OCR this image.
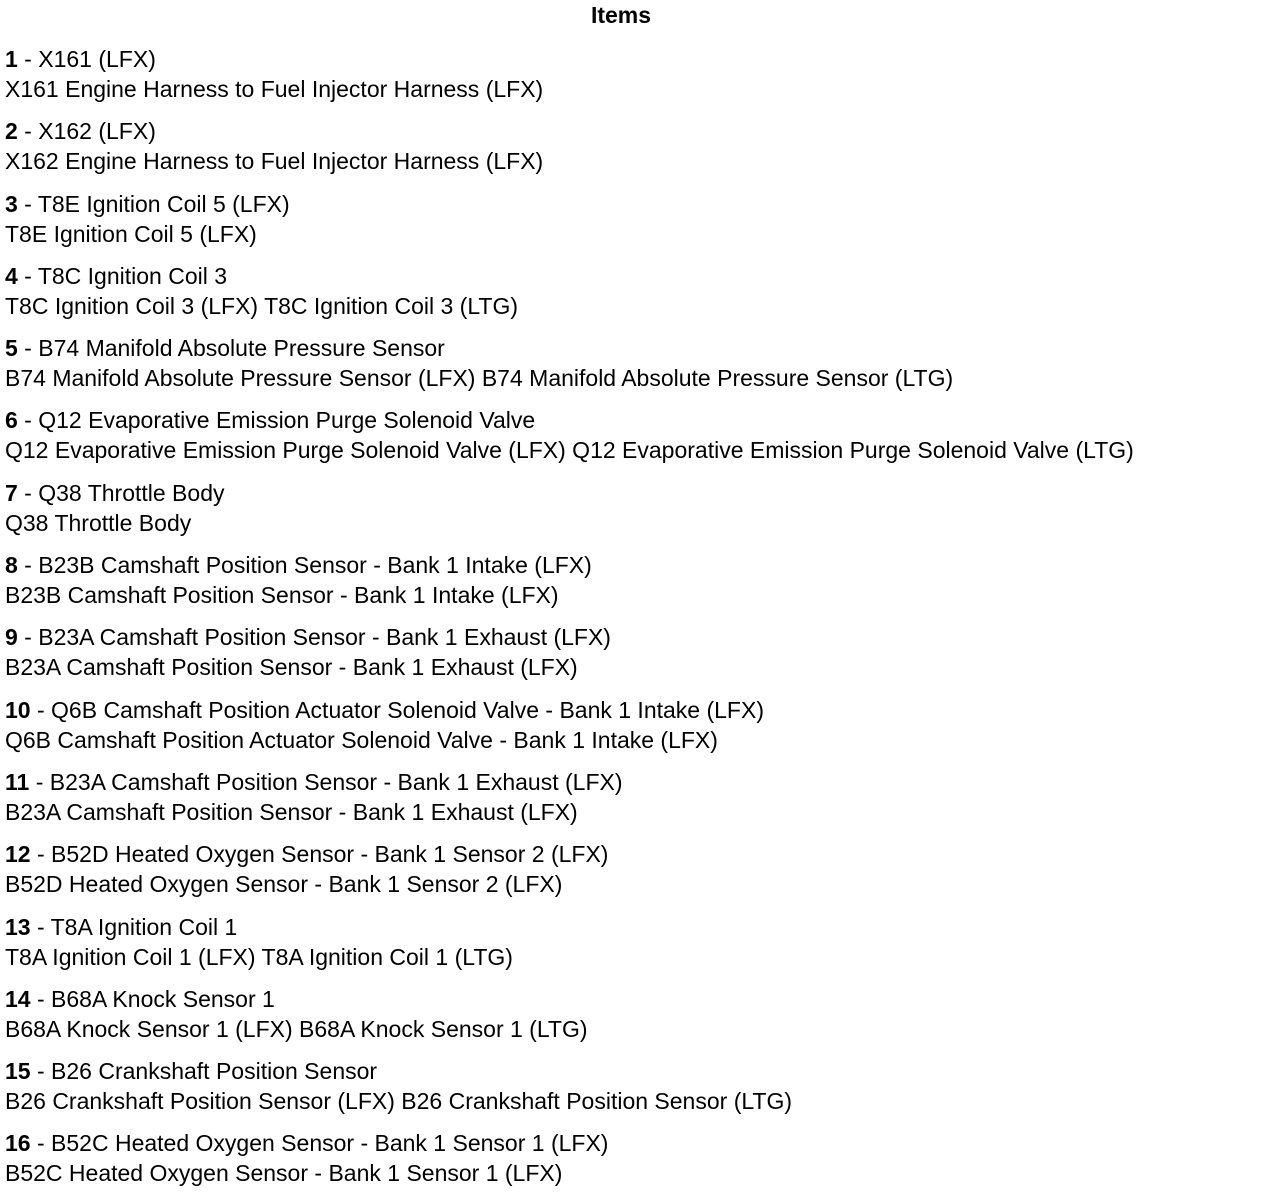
Items
1 - X161 (LFX)
X161 Engine Harness to Fuel Injector Harness (LFX)
2 - X162 (LFX)
X162 Engine Harness to Fuel Injector Harness (LFX)
3 - T8E Ignition Coil 5 (LFX)
T8E Ignition Coil 5 (LFX)
4 - T8C Ignition Coil 3
T8C Ignition Coil 3 (LFX) T8C Ignition Coil 3 (LTG)
5 - B74 Manifold Absolute Pressure Sensor
B74 Manifold Absolute Pressure Sensor (LFX) B74 Manifold Absolute Pressure Sensor (LTG)
6 - Q12 Evaporative Emission Purge Solenoid Valve
Q12 Evaporative Emission Purge Solenoid Valve (LFX) Q12 Evaporative Emission Purge Solenoid Valve (LTG)
7 - Q38 Throttle Body
Q38 Throttle Body
8 - B23B Camshaft Position Sensor - Bank 1 Intake (LFX)
B23B Camshaft Position Sensor - Bank 1 Intake (LFX)
9 - B23A Camshaft Position Sensor - Bank 1 Exhaust (LFX)
B23A Camshaft Position Sensor - Bank 1 Exhaust (LFX)
10 - Q6B Camshaft Position Actuator Solenoid Valve - Bank 1 Intake (LFX)
Q6B Camshaft Position Actuator Solenoid Valve - Bank 1 Intake (LFX)
11 - B23A Camshaft Position Sensor - Bank 1 Exhaust (LFX)
B23A Camshaft Position Sensor - Bank 1 Exhaust (LFX)
12 - B52D Heated Oxygen Sensor - Bank 1 Sensor 2 (LFX)
B52D Heated Oxygen Sensor - Bank 1 Sensor 2 (LFX)
13 - T8A Ignition Coil 1
T8A Ignition Coil 1 (LFX) T8A Ignition Coil 1 (LTG)
14 - B68A Knock Sensor 1
B68A Knock Sensor 1 (LFX) B68A Knock Sensor 1 (LTG)
15 - B26 Crankshaft Position Sensor
B26 Crankshaft Position Sensor (LFX) B26 Crankshaft Position Sensor (LTG)
16 - B52C Heated Oxygen Sensor - Bank 1 Sensor 1 (LFX)
B52C Heated Oxygen Sensor - Bank 1 Sensor 1 (LFX)
